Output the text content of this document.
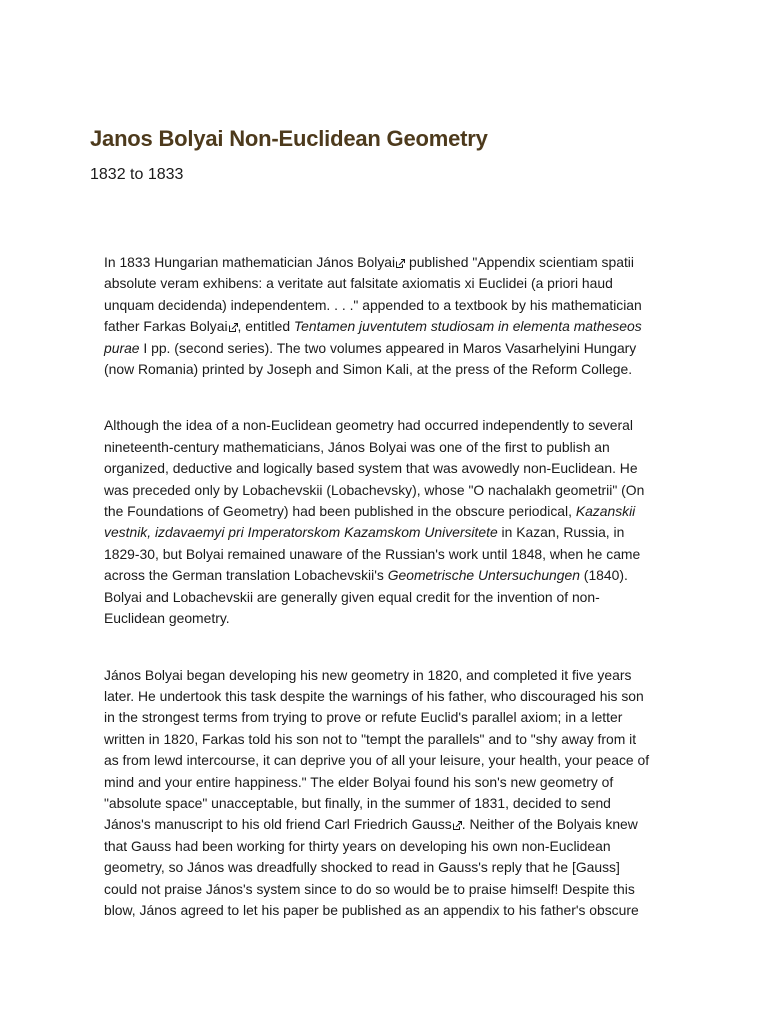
Janos Bolyai Non-Euclidean Geometry
1832 to 1833

In 1833 Hungarian mathematician János Bolyai
published "Appendix scientiam spatii absolute veram exhibens: a veritate aut falsitate axiomatis xi Euclidei (a priori haud unquam decidenda) independentem. . . ." appended to a textbook by his mathematician father Farkas Bolyai , entitled Tentamen juventutem studiosam in elementa matheseos purae I pp. (second series). The two volumes appeared in Maros Vasarhelyini Hungary (now Romania) printed by Joseph and Simon Kali, at the press of the Reform College.

Although the idea of a non-Euclidean geometry had occurred independently to several nineteenth-century mathematicians, János Bolyai was one of the first to publish an organized, deductive and logically based system that was avowedly non-Euclidean. He was preceded only by Lobachevskii (Lobachevsky), whose "O nachalakh geometrii" (On the Foundations of Geometry) had been published in the obscure periodical, Kazanskii vestnik, izdavaemyi pri Imperatorskom Kazamskom Universitete in Kazan, Russia, in 1829-30, but Bolyai remained unaware of the Russian's work until 1848, when he came across the German translation Lobachevskii's Geometrische Untersuchungen (1840). Bolyai and Lobachevskii are generally given equal credit for the invention of non-Euclidean geometry.

János Bolyai began developing his new geometry in 1820, and completed it five years later. He undertook this task despite the warnings of his father, who discouraged his son in the strongest terms from trying to prove or refute Euclid's parallel axiom; in a letter written in 1820, Farkas told his son not to "tempt the parallels" and to "shy away from it as from lewd intercourse, it can deprive you of all your leisure, your health, your peace of mind and your entire happiness." The elder Bolyai found his son's new geometry of "absolute space" unacceptable, but finally, in the summer of 1831, decided to send János's manuscript to his old friend Carl Friedrich Gauss . Neither of the Bolyais knew that Gauss had been working for thirty years on developing his own non-Euclidean geometry, so János was dreadfully shocked to read in Gauss's reply that he [Gauss] could not praise János's system since to do so would be to praise himself! Despite this blow, János agreed to let his paper be published as an appendix to his father's obscure
